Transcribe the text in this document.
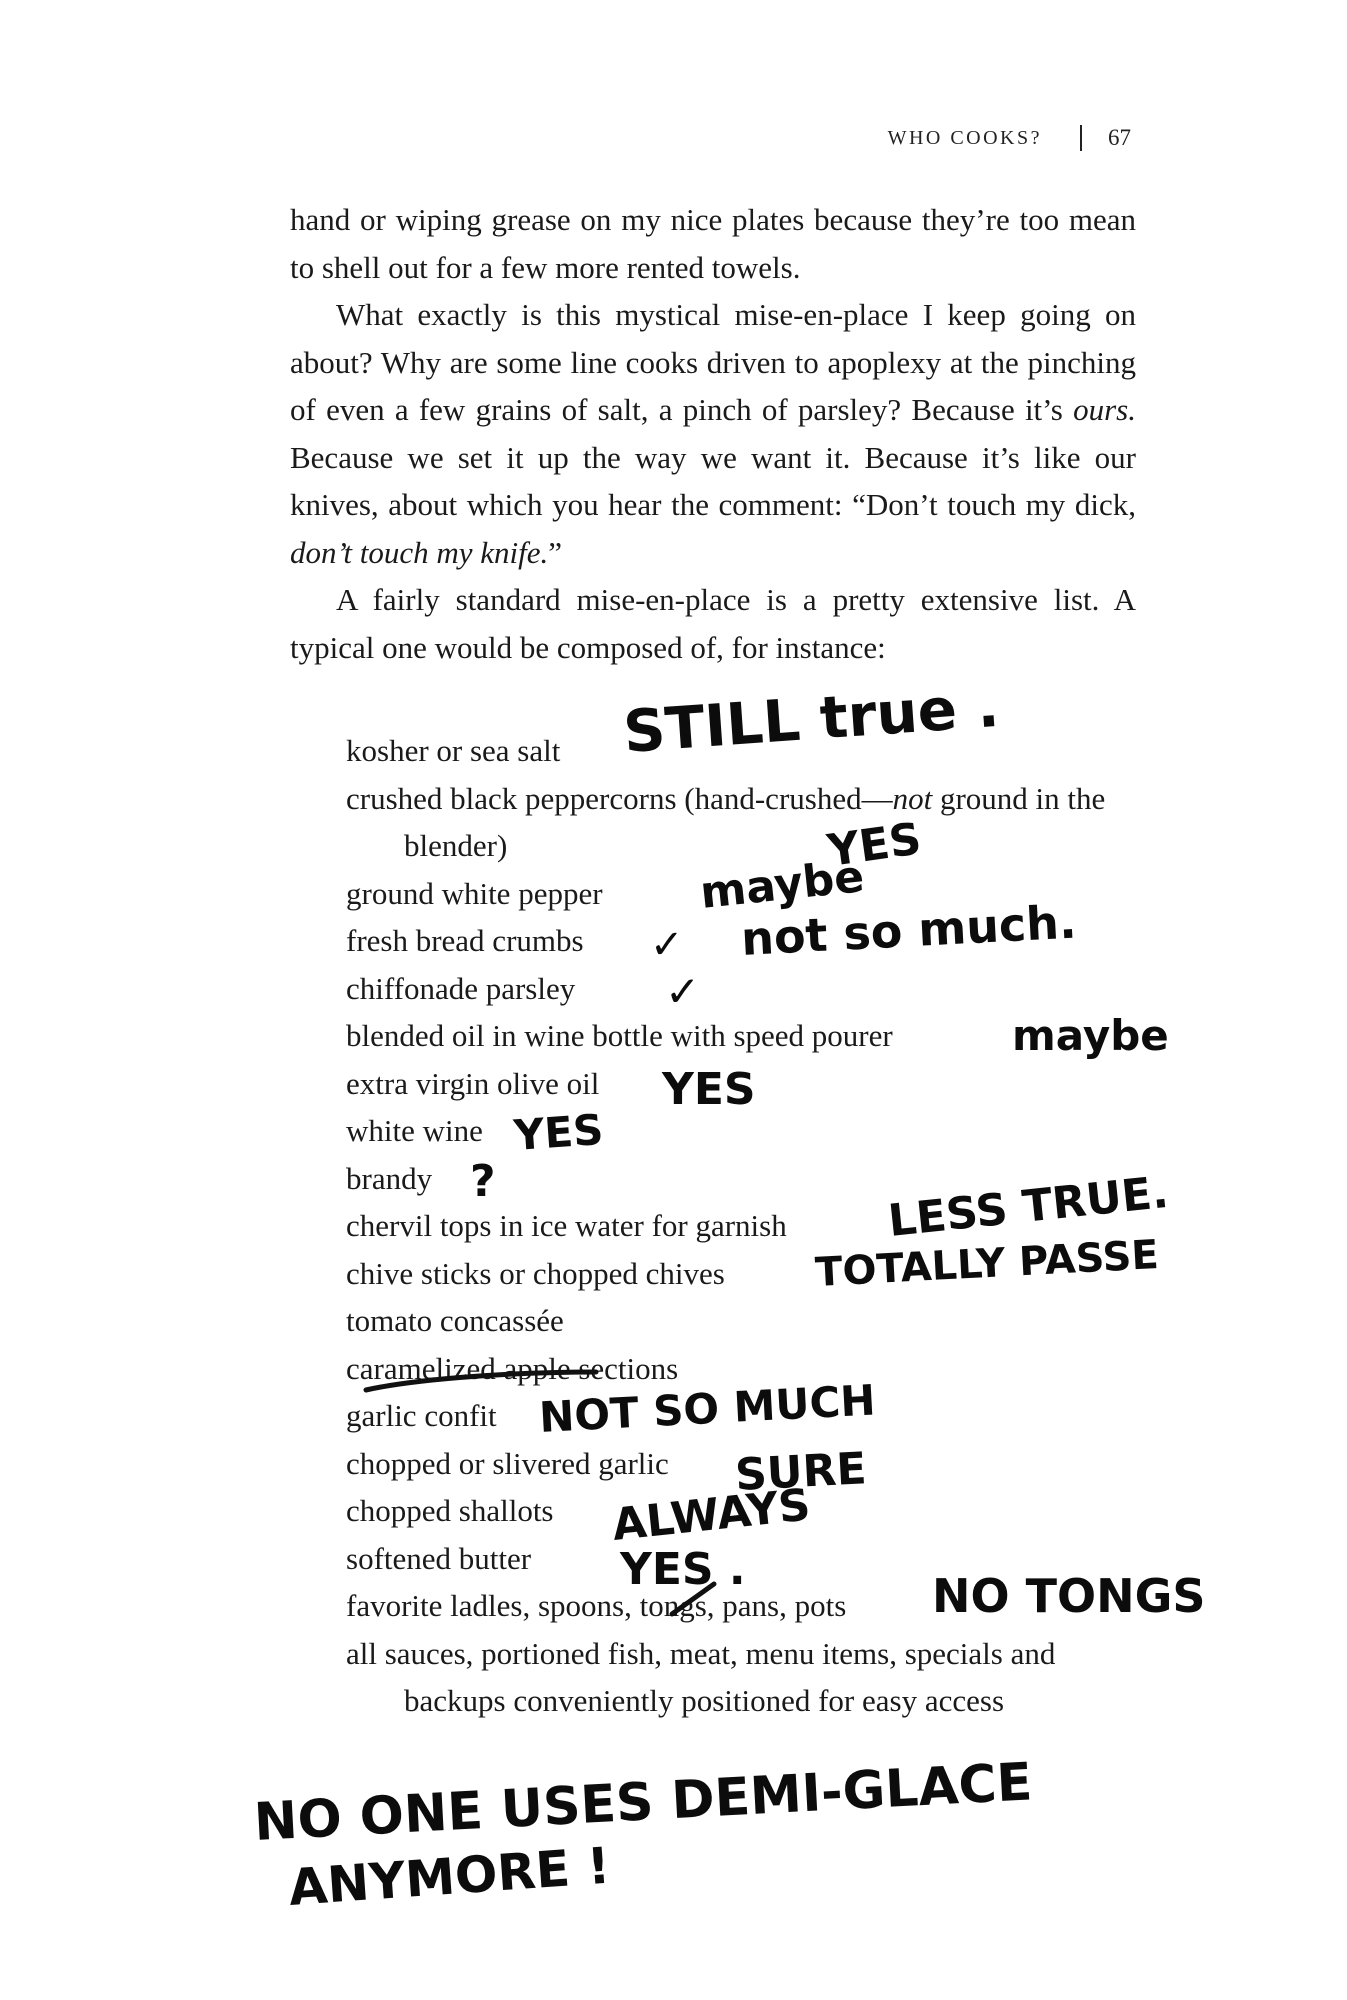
WHO COOKS?	67

hand or wiping grease on my nice plates because they’re too mean to shell out for a few more rented towels.

What exactly is this mystical mise-en-place I keep going on about? Why are some line cooks driven to apoplexy at the pinching of even a few grains of salt, a pinch of parsley? Because it’s ours. Because we set it up the way we want it. Because it’s like our knives, about which you hear the comment: “Don’t touch my dick, don’t touch my knife.”

A fairly standard mise-en-place is a pretty extensive list. A typical one would be composed of, for instance:

kosher or sea salt
crushed black peppercorns (hand-crushed—not ground in the blender)
ground white pepper
fresh bread crumbs
chiffonade parsley
blended oil in wine bottle with speed pourer
extra virgin olive oil
white wine
brandy
chervil tops in ice water for garnish
chive sticks or chopped chives
tomato concassée
caramelized apple sections
garlic confit
chopped or slivered garlic
chopped shallots
softened butter
favorite ladles, spoons, tongs, pans, pots
all sauces, portioned fish, meat, menu items, specials and backups conveniently positioned for easy access
STILL true .
YES
maybe
not so much.
✓
✓
maybe
YES
YES
?	LESS TRUE.
TOTALLY PASSE
NOT SO MUCH
SURE
ALWAYS
YES .	NO TONGS
NO ONE USES DEMI-GLACE
ANYMORE !
